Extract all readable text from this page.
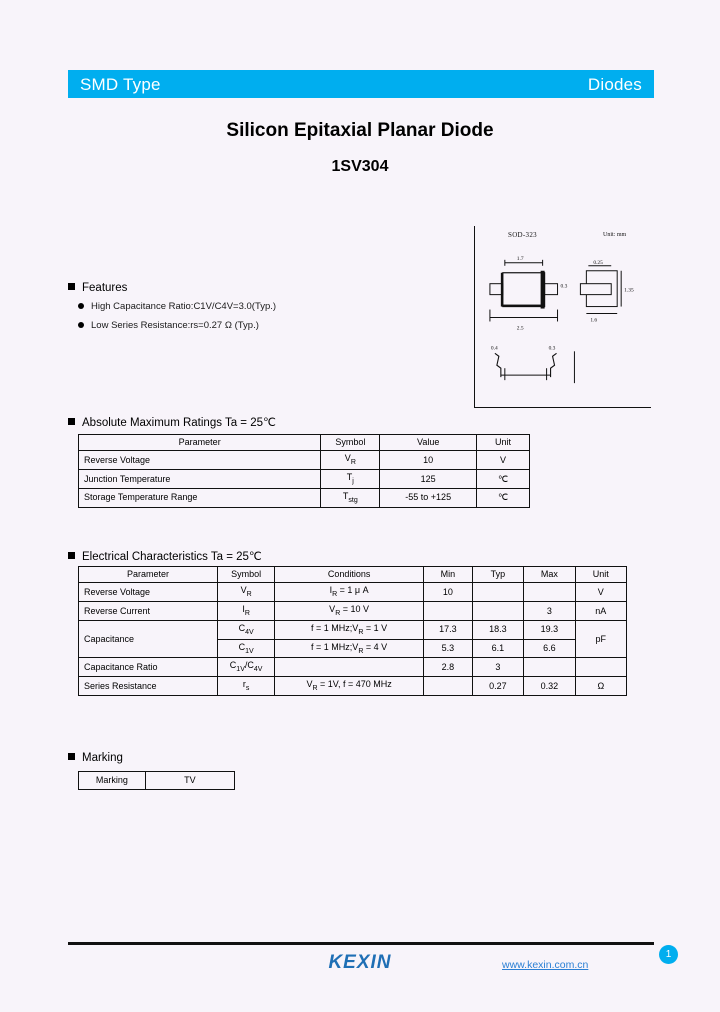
SMD Type	Diodes
Silicon Epitaxial Planar Diode
1SV304
Features
High Capacitance Ratio:C1V/C4V=3.0(Typ.)
Low Series Resistance:rs=0.27 Ω (Typ.)
SOD-323	Unit: mm
1.7
2.5
0.25
1.35
1.6
0.4	0.3
0.3
Absolute Maximum Ratings Ta = 25℃
Parameter	Symbol	Value	Unit
Reverse Voltage	$V_R$	10	V
Junction Temperature	$T_j$	125	℃
Storage Temperature Range	$T_{stg}$	-55 to +125	℃
Electrical Characteristics Ta = 25℃
Parameter	Symbol	Conditions	Min	Typ	Max	Unit
Reverse Voltage	$V_R$	$I_R = 1$ μ A	10			V
Reverse Current	$I_R$	$V_R = 10$ V			3	nA
Capacitance	$C_{4V}$	f = 1 $MHz;V_R = 1$ V	17.3	18.3	19.3	pF
	$C_{1V}$	f = 1 $MHz;V_R = 4$ V	5.3	6.1	6.6	
Capacitance Ratio	$C_{1V}/C_{4V}$		2.8	3		
Series Resistance	$r_s$	$V_R = 1V$, f = 470 MHz		0.27	0.32	Ω
Marking
Marking	TV
KEXIN	www.kexin.com.cn
1
